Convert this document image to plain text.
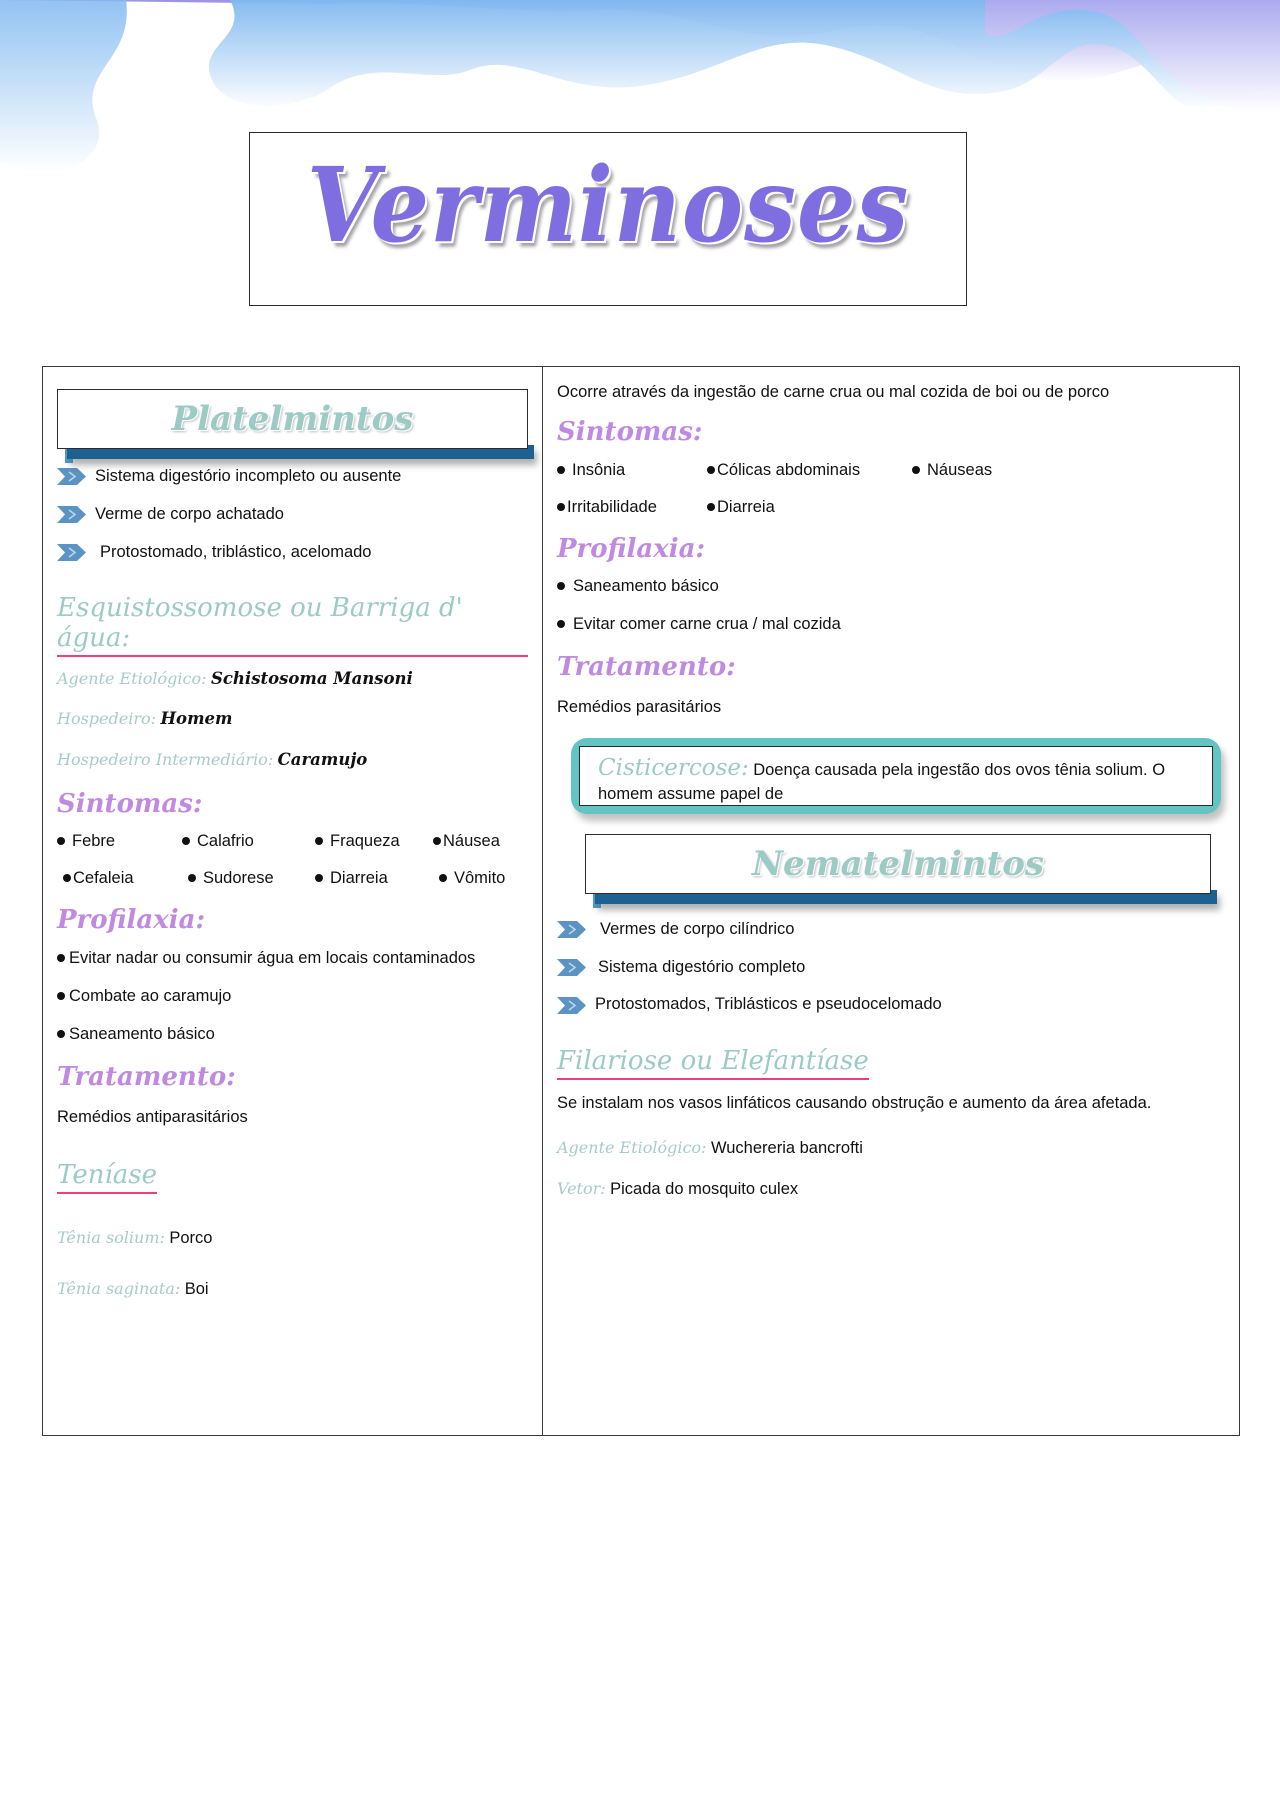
Verminoses
Platelmintos
Sistema digestório incompleto ou ausente
Verme de corpo achatado
Protostomado, triblástico, acelomado
Esquistossomose ou Barriga d' água:
Agente Etiológico: Schistosoma Mansoni
Hospedeiro: Homem
Hospedeiro Intermediário: Caramujo
Sintomas:
Febre	Calafrio	Fraqueza	Náusea
Cefaleia	Sudorese	Diarreia	Vômito
Profilaxia:
Evitar nadar ou consumir água em locais contaminados
Combate ao caramujo
Saneamento básico
Tratamento:
Remédios antiparasitários
Teníase
Tênia solium: Porco
Tênia saginata: Boi
Ocorre através da ingestão de carne crua ou mal cozida de boi ou de porco
Sintomas:
Insônia	Cólicas abdominais	Náuseas
Irritabilidade	Diarreia
Profilaxia:
Saneamento básico
Evitar comer carne crua / mal cozida
Tratamento:
Remédios parasitários
Cisticercose: Doença causada pela ingestão dos ovos tênia solium. O homem assume papel de
Nematelmintos
Vermes de corpo cilíndrico
Sistema digestório completo
Protostomados, Triblásticos e pseudocelomado
Filariose ou Elefantíase
Se instalam nos vasos linfáticos causando obstrução e aumento da área afetada.
Agente Etiológico: Wuchereria bancrofti
Vetor: Picada do mosquito culex
